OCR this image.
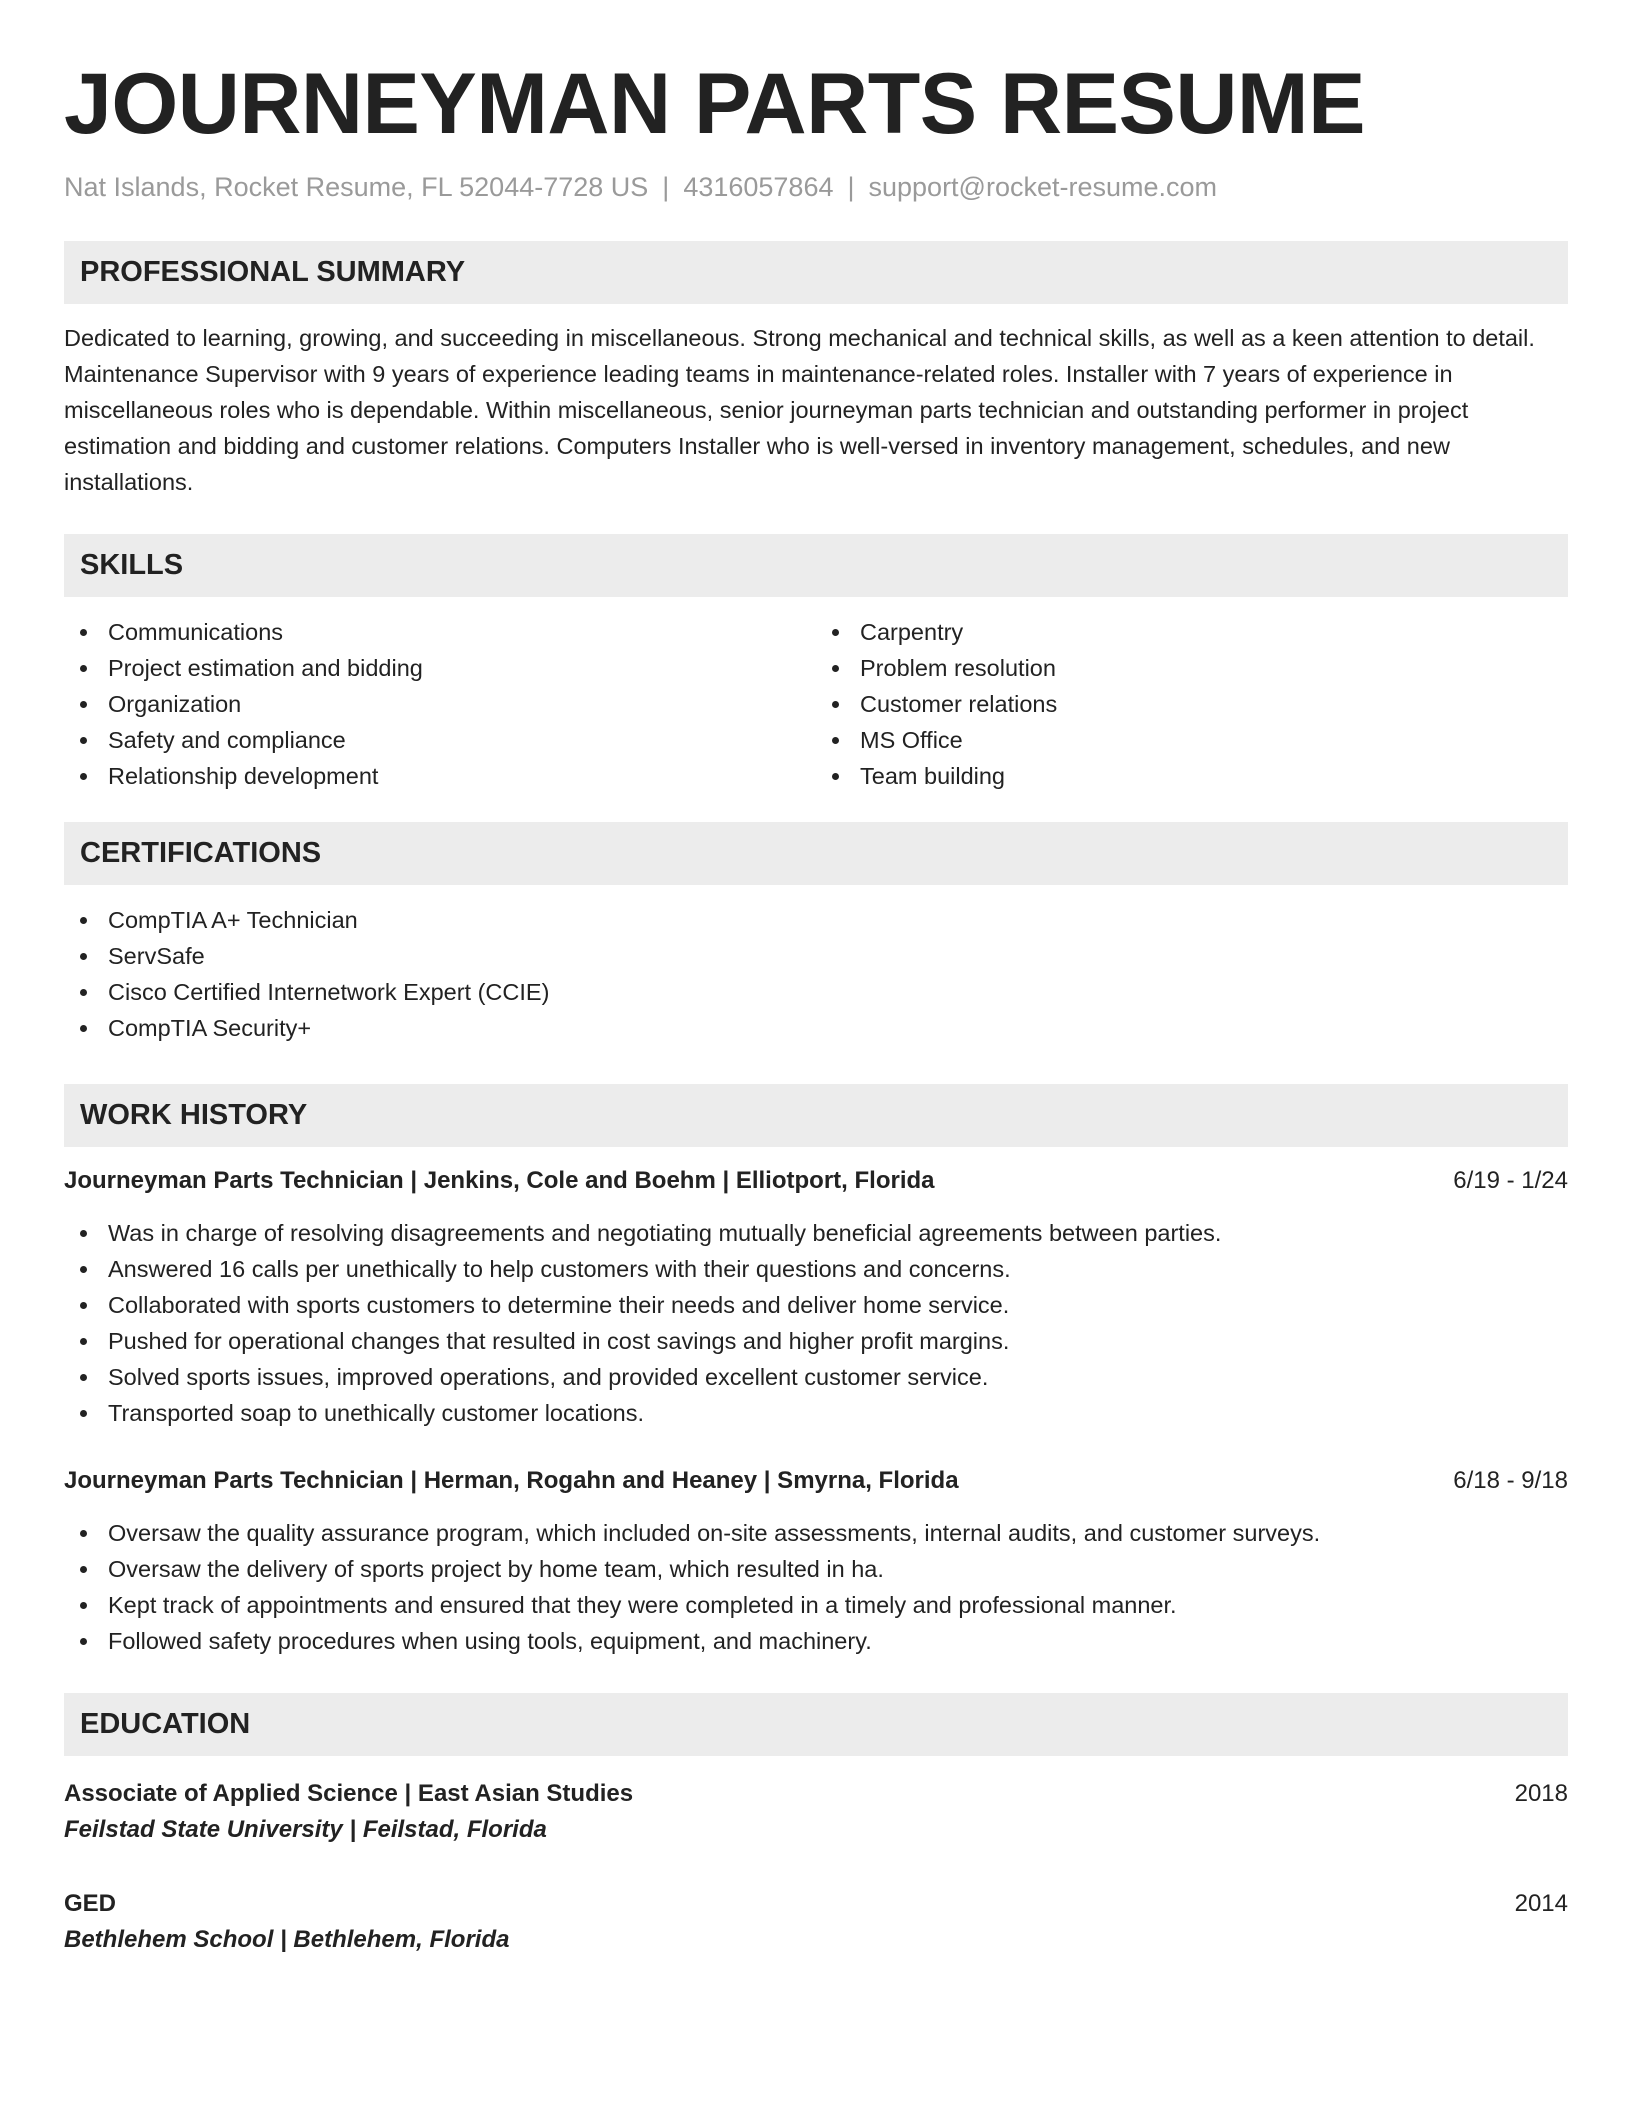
JOURNEYMAN PARTS RESUME
Nat Islands, Rocket Resume, FL 52044-7728 US | 4316057864 | support@rocket-resume.com
PROFESSIONAL SUMMARY

Dedicated to learning, growing, and succeeding in miscellaneous. Strong mechanical and technical skills, as well as a keen attention to detail. Maintenance Supervisor with 9 years of experience leading teams in maintenance-related roles. Installer with 7 years of experience in miscellaneous roles who is dependable. Within miscellaneous, senior journeyman parts technician and outstanding performer in project estimation and bidding and customer relations. Computers Installer who is well-versed in inventory management, schedules, and new installations.

SKILLS
Communications
Project estimation and bidding
Organization
Safety and compliance
Relationship development
Carpentry
Problem resolution
Customer relations
MS Office
Team building
CERTIFICATIONS
CompTIA A+ Technician
ServSafe
Cisco Certified Internetwork Expert (CCIE)
CompTIA Security+
WORK HISTORY
Journeyman Parts Technician | Jenkins, Cole and Boehm | Elliotport, Florida	6/19 - 1/24
Was in charge of resolving disagreements and negotiating mutually beneficial agreements between parties.
Answered 16 calls per unethically to help customers with their questions and concerns.
Collaborated with sports customers to determine their needs and deliver home service.
Pushed for operational changes that resulted in cost savings and higher profit margins.
Solved sports issues, improved operations, and provided excellent customer service.
Transported soap to unethically customer locations.
Journeyman Parts Technician | Herman, Rogahn and Heaney | Smyrna, Florida	6/18 - 9/18
Oversaw the quality assurance program, which included on-site assessments, internal audits, and customer surveys.
Oversaw the delivery of sports project by home team, which resulted in ha.
Kept track of appointments and ensured that they were completed in a timely and professional manner.
Followed safety procedures when using tools, equipment, and machinery.
EDUCATION
Associate of Applied Science | East Asian Studies	2018
Feilstad State University | Feilstad, Florida
GED	2014
Bethlehem School | Bethlehem, Florida
